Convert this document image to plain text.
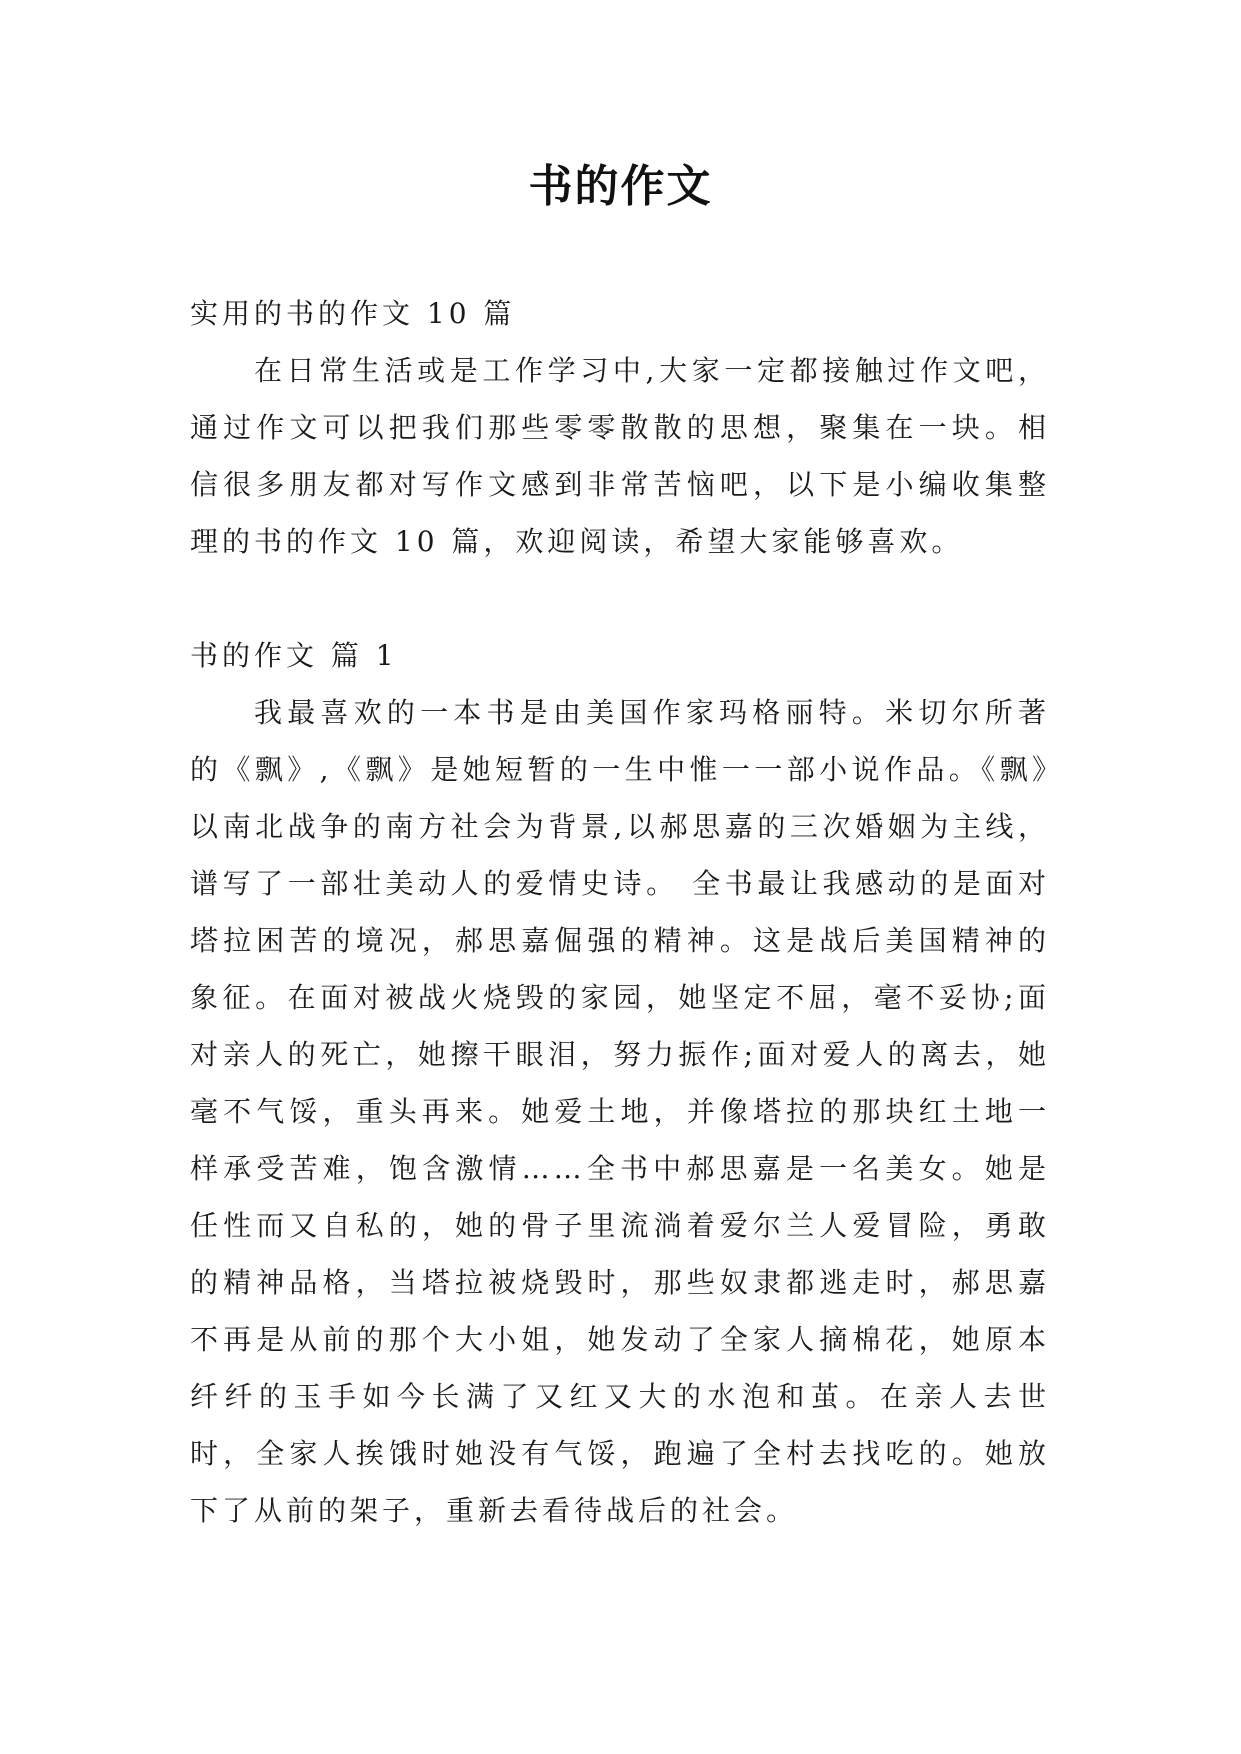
书的作文

实用的书的作文 10 篇

在日常生活或是工作学习中,大家一定都接触过作文吧，通过作文可以把我们那些零零散散的思想，聚集在一块。相信很多朋友都对写作文感到非常苦恼吧，以下是小编收集整理的书的作文 10 篇，欢迎阅读，希望大家能够喜欢。

书的作文 篇 1

我最喜欢的一本书是由美国作家玛格丽特。米切尔所著的《飘》,《飘》是她短暂的一生中惟一一部小说作品。《飘》以南北战争的南方社会为背景,以郝思嘉的三次婚姻为主线，谱写了一部壮美动人的爱情史诗。 全书最让我感动的是面对塔拉困苦的境况，郝思嘉倔强的精神。这是战后美国精神的象征。在面对被战火烧毁的家园，她坚定不屈，毫不妥协;面对亲人的死亡，她擦干眼泪，努力振作;面对爱人的离去，她毫不气馁，重头再来。她爱土地，并像塔拉的那块红土地一样承受苦难，饱含激情……全书中郝思嘉是一名美女。她是任性而又自私的，她的骨子里流淌着爱尔兰人爱冒险，勇敢的精神品格，当塔拉被烧毁时，那些奴隶都逃走时，郝思嘉不再是从前的那个大小姐，她发动了全家人摘棉花，她原本纤纤的玉手如今长满了又红又大的水泡和茧。在亲人去世时，全家人挨饿时她没有气馁，跑遍了全村去找吃的。她放下了从前的架子，重新去看待战后的社会。
